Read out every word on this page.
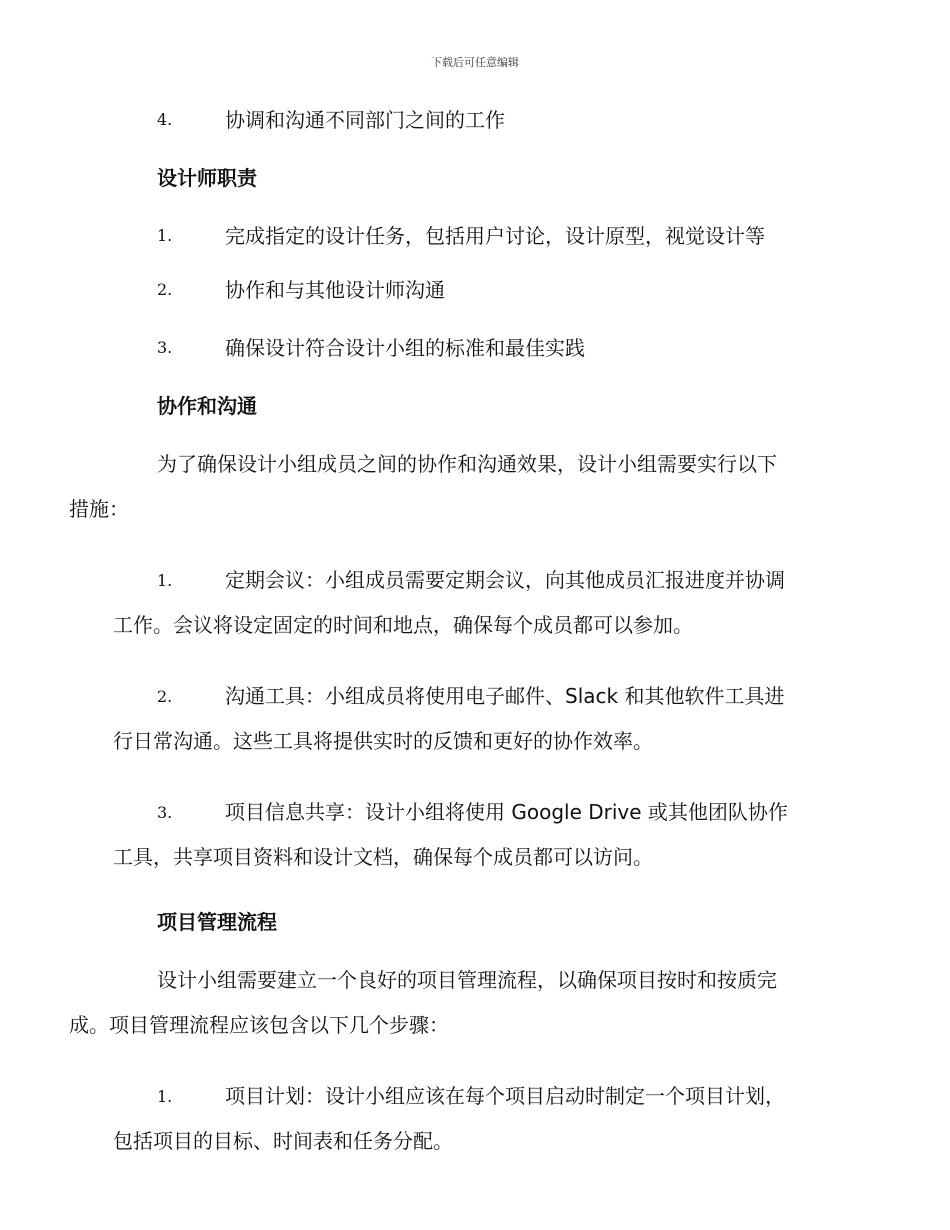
下载后可任意编辑
4.	协调和沟通不同部门之间的工作
设计师职责
1.	完成指定的设计任务，包括用户讨论，设计原型，视觉设计等
2.	协作和与其他设计师沟通
3.	确保设计符合设计小组的标准和最佳实践
协作和沟通
为了确保设计小组成员之间的协作和沟通效果，设计小组需要实行以下
措施：
1.	定期会议：小组成员需要定期会议，向其他成员汇报进度并协调
工作。会议将设定固定的时间和地点，确保每个成员都可以参加。
2.	沟通工具：小组成员将使用电子邮件、Slack 和其他软件工具进
行日常沟通。这些工具将提供实时的反馈和更好的协作效率。
3.	项目信息共享：设计小组将使用 Google Drive 或其他团队协作
工具，共享项目资料和设计文档，确保每个成员都可以访问。
项目管理流程
设计小组需要建立一个良好的项目管理流程，以确保项目按时和按质完
成。项目管理流程应该包含以下几个步骤：
1.	项目计划：设计小组应该在每个项目启动时制定一个项目计划，
包括项目的目标、时间表和任务分配。
